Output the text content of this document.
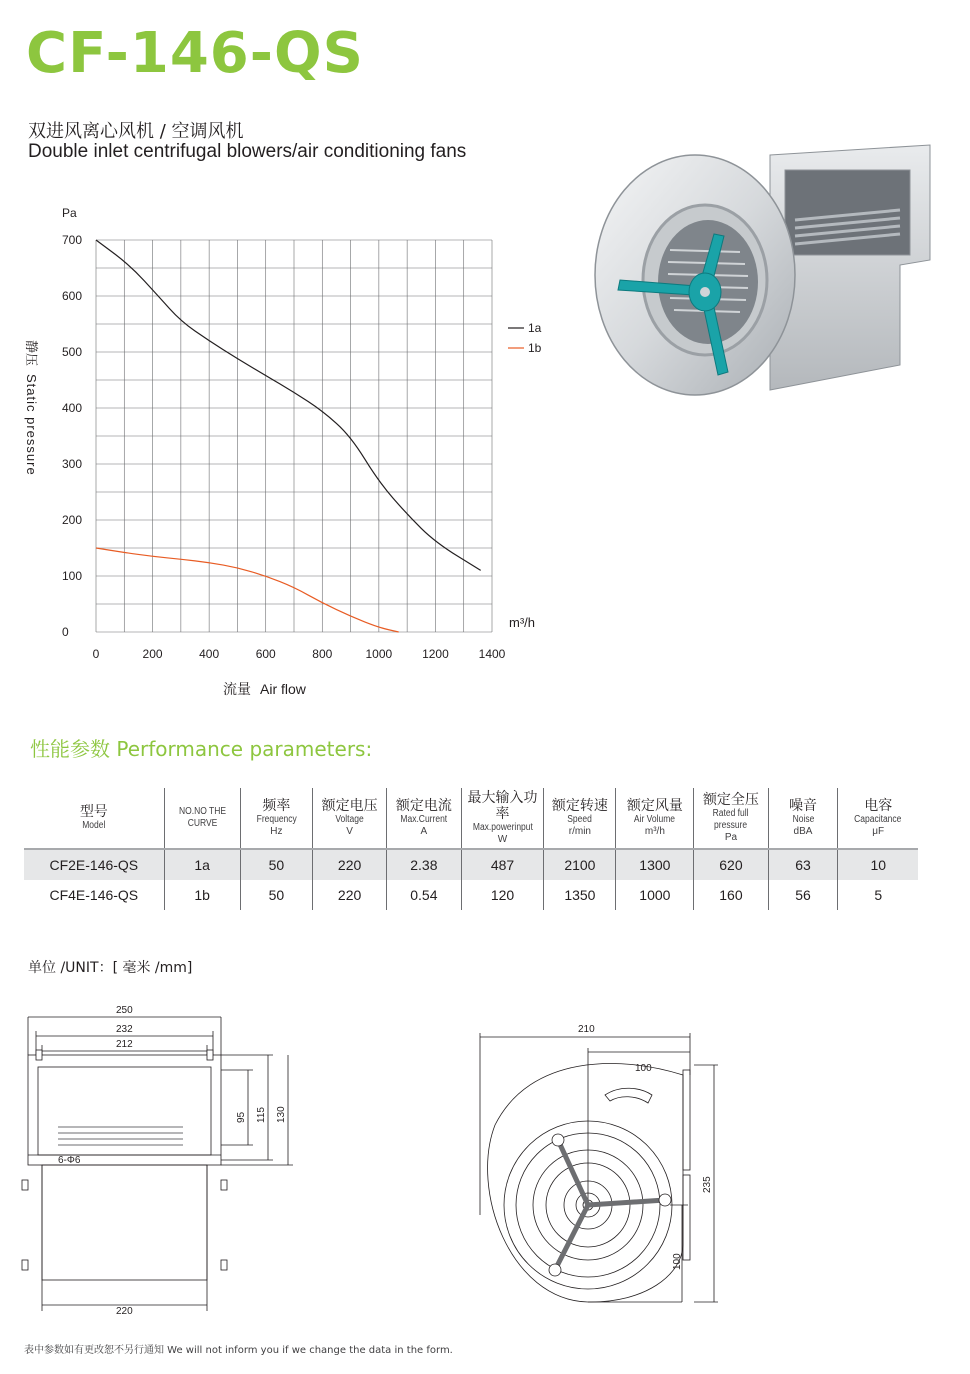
CF-146-QS
双进风离心风机 / 空调风机
Double inlet centrifugal blowers/air conditioning fans
0	200	400	600	800	1000 1200 1400
0
100
200
300
400
500
600
700
1a
1b
Pa
m³/h
静压
Static pressure
流量 Air flow
性能参数 Performance parameters:
型号
Model	NO.NO THE CURVE	频率
Frequency
Hz	额定电压
Voltage
V	额定电流
Max.Current
A	最大输入功率
Max.powerinput
W	额定转速
Speed
r/min	额定风量
Air Volume
m³/h	额定全压
Rated full pressure
Pa	噪音
Noise
dBA	电容
Capacitance
μF

CF2E-146-QS	1a	50	220	2.38	487	2100	1300	620	63	10
CF4E-146-QS	1b	50	220	0.54	120	1350	1000	160	56	5
单位 /UNIT：[ 毫米 /mm]
250
232
212
95 115 130
6-Φ6
220
210
100
235
100
表中参数如有更改恕不另行通知 We will not inform you if we change the data in the form.
